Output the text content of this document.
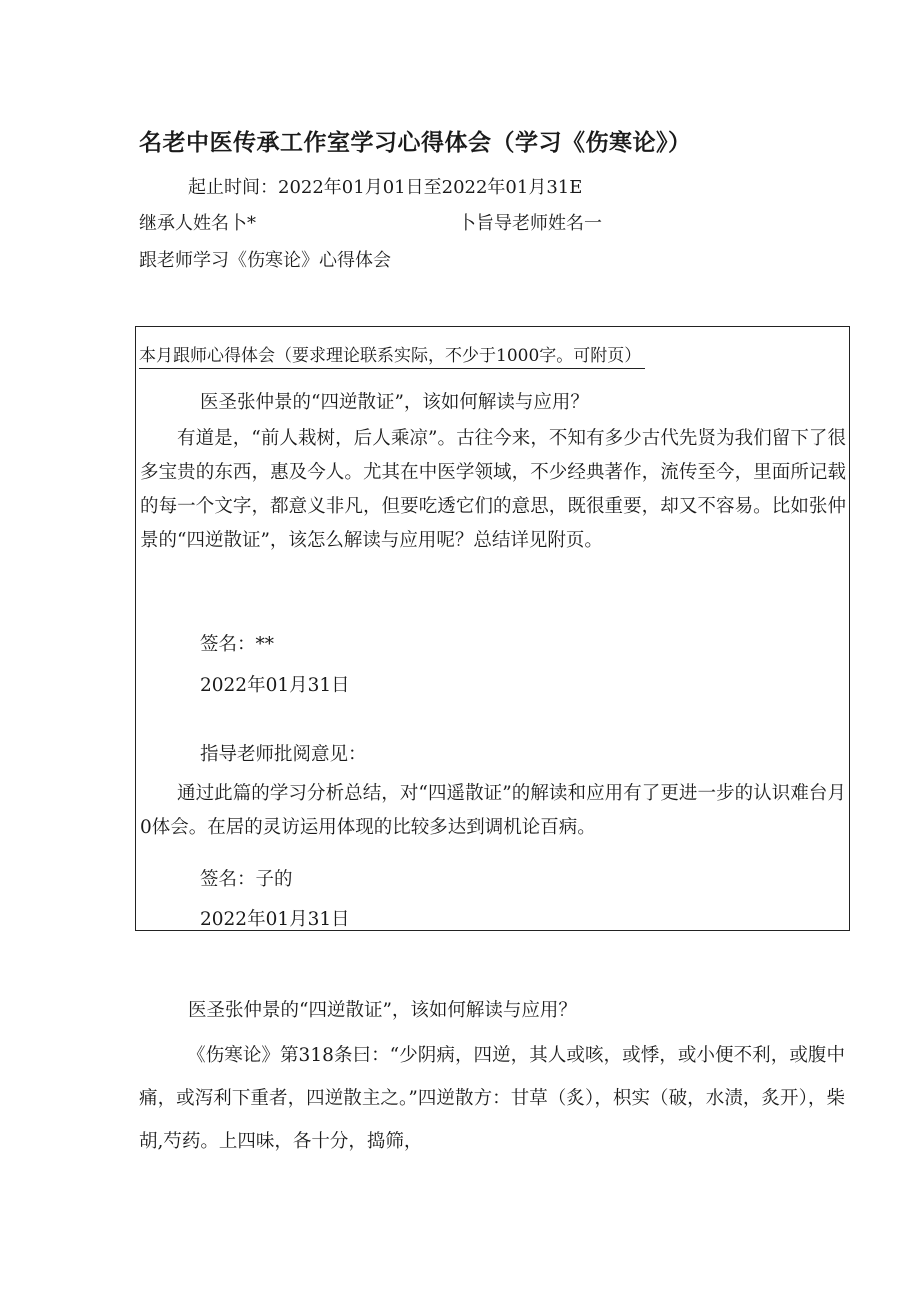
名老中医传承工作室学习心得体会（学习《伤寒论》）

起止时间：2022年01月01日至2022年01月31E

继承人姓名卜*	卜旨导老师姓名一

跟老师学习《伤寒论》心得体会

本月跟师心得体会（要求理论联系实际，不少于1000字。可附页）

医圣张仲景的“四逆散证”，该如何解读与应用？

有道是，“前人栽树，后人乘凉”。古往今来，不知有多少古代先贤为我们留下了很多宝贵的东西，惠及今人。尤其在中医学领域，不少经典著作，流传至今，里面所记载的每一个文字，都意义非凡，但要吃透它们的意思，既很重要，却又不容易。比如张仲景的“四逆散证”，该怎么解读与应用呢？总结详见附页。

签名：**

2022年01月31日

指导老师批阅意见：

通过此篇的学习分析总结，对“四遥散证”的解读和应用有了更进一步的认识难台月0体会。在居的灵访运用体现的比较多达到调机论百病。

签名：子的

2022年01月31日

医圣张仲景的“四逆散证”，该如何解读与应用？

《伤寒论》第318条曰：“少阴病，四逆，其人或咳，或悸，或小便不利，或腹中痛，或泻利下重者，四逆散主之。”四逆散方：甘草（炙），枳实（破，水渍，炙开），柴胡,芍药。上四味，各十分，捣筛，
